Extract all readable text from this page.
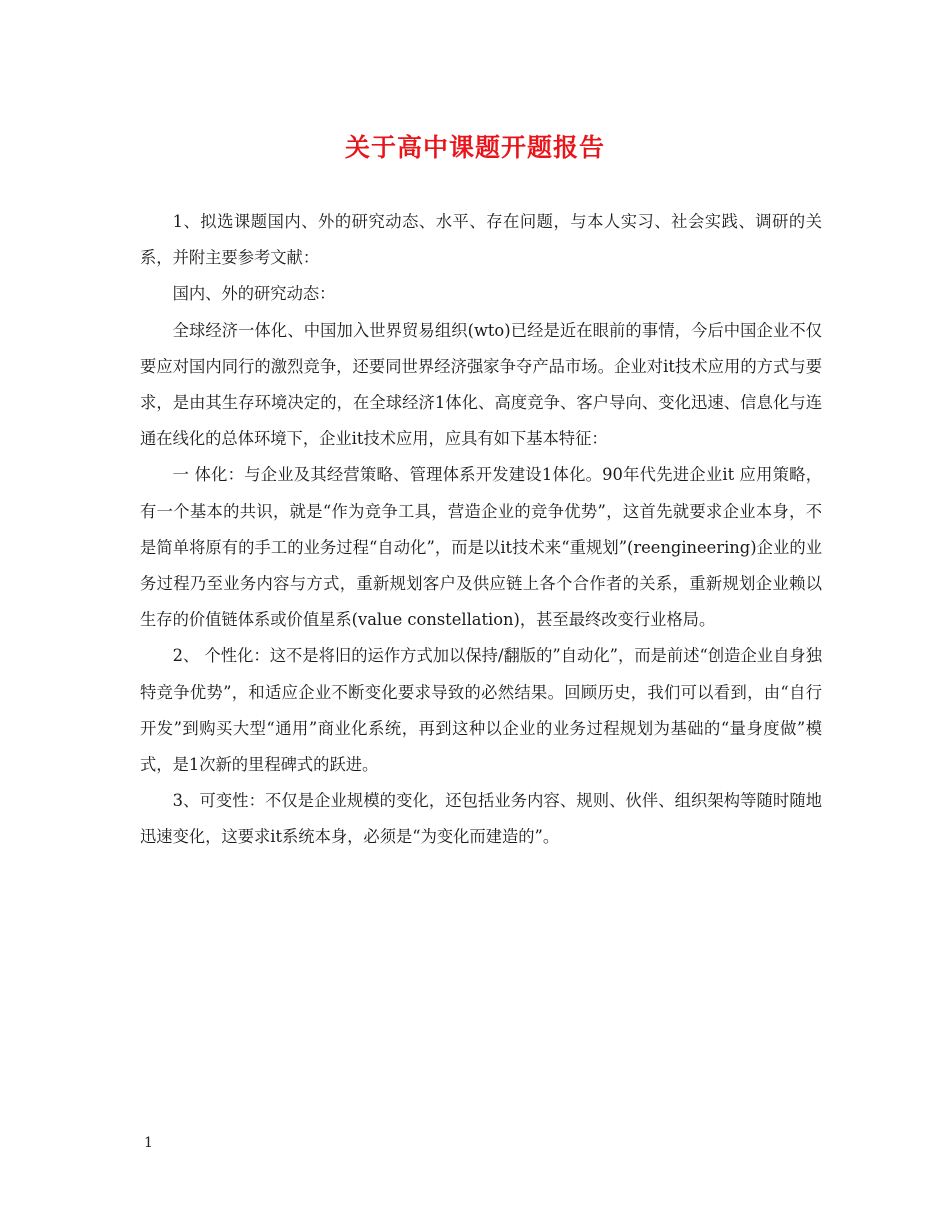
关于高中课题开题报告

1、拟选课题国内、外的研究动态、水平、存在问题，与本人实习、社会实践、调研的关系，并附主要参考文献：

国内、外的研究动态：

全球经济一体化、中国加入世界贸易组织(wto)已经是近在眼前的事情，今后中国企业不仅要应对国内同行的激烈竞争，还要同世界经济强家争夺产品市场。企业对it技术应用的方式与要求，是由其生存环境决定的，在全球经济1体化、高度竞争、客户导向、变化迅速、信息化与连通在线化的总体环境下，企业it技术应用，应具有如下基本特征：

一 体化：与企业及其经营策略、管理体系开发建设1体化。90年代先进企业it 应用策略，有一个基本的共识，就是“作为竞争工具，营造企业的竞争优势”，这首先就要求企业本身，不是简单将原有的手工的业务过程“自动化”，而是以it技术来“重规划”(reengineering)企业的业务过程乃至业务内容与方式，重新规划客户及供应链上各个合作者的关系，重新规划企业赖以生存的价值链体系或价值星系(value constellation)，甚至最终改变行业格局。

2、 个性化：这不是将旧的运作方式加以保持/翻版的”自动化”，而是前述“创造企业自身独特竞争优势”，和适应企业不断变化要求导致的必然结果。回顾历史，我们可以看到，由“自行开发”到购买大型“通用”商业化系统，再到这种以企业的业务过程规划为基础的“量身度做”模式，是1次新的里程碑式的跃进。

3、可变性：不仅是企业规模的变化，还包括业务内容、规则、伙伴、组织架构等随时随地迅速变化，这要求it系统本身，必须是“为变化而建造的”。

1
